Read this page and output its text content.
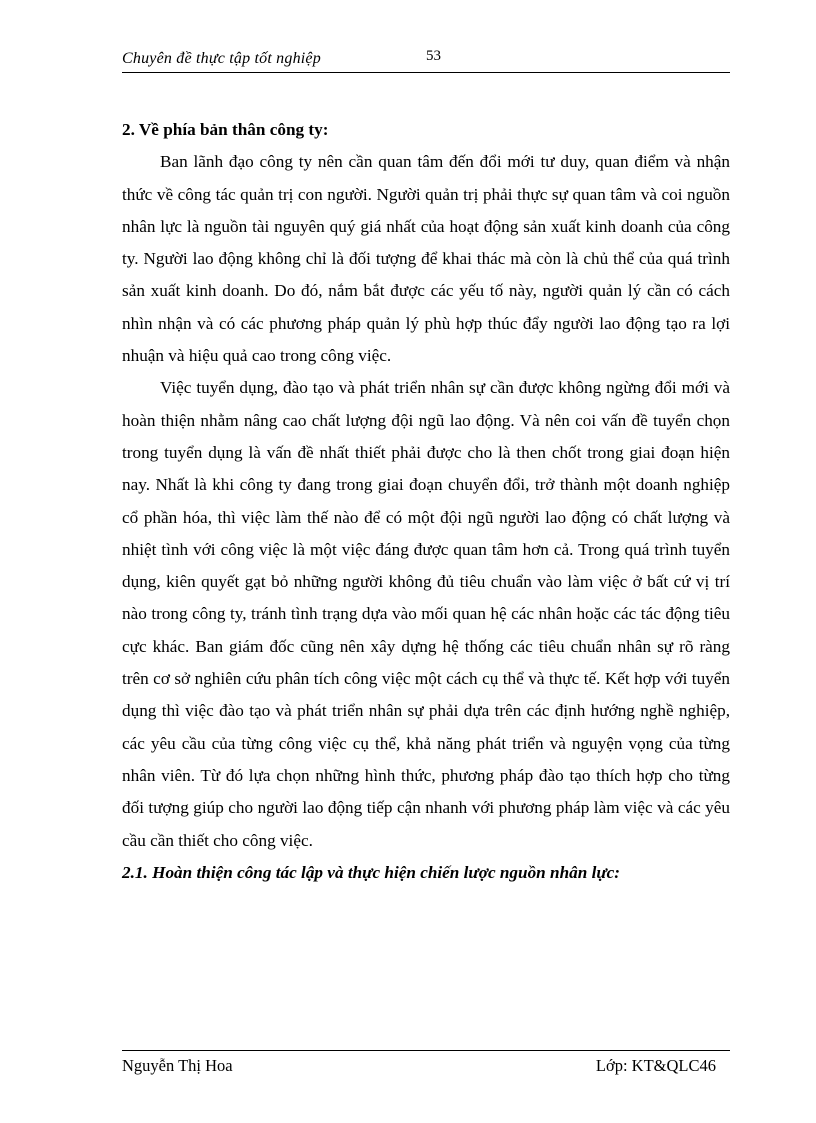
Chuyên đề thực tập tốt nghiệp	53

2. Về phía bản thân công ty:

Ban lãnh đạo công ty nên cần quan tâm đến đổi mới tư duy, quan điểm và nhận thức về công tác quản trị con người. Người quản trị phải thực sự quan tâm và coi nguồn nhân lực là nguồn tài nguyên quý giá nhất của hoạt động sản xuất kinh doanh của công ty. Người lao động không chỉ là đối tượng để khai thác mà còn là chủ thể của quá trình sản xuất kinh doanh. Do đó, nắm bắt được các yếu tố này, người quản lý cần có cách nhìn nhận và có các phương pháp quản lý phù hợp thúc đẩy người lao động tạo ra lợi nhuận và hiệu quả cao trong công việc.

Việc tuyển dụng, đào tạo và phát triển nhân sự cần được không ngừng đổi mới và hoàn thiện nhằm nâng cao chất lượng đội ngũ lao động. Và nên coi vấn đề tuyển chọn trong tuyển dụng là vấn đề nhất thiết phải được cho là then chốt trong giai đoạn hiện nay. Nhất là khi công ty đang trong giai đoạn chuyển đổi, trở thành một doanh nghiệp cổ phần hóa, thì việc làm thế nào để có một đội ngũ người lao động có chất lượng và nhiệt tình với công việc là một việc đáng được quan tâm hơn cả. Trong quá trình tuyển dụng, kiên quyết gạt bỏ những người không đủ tiêu chuẩn vào làm việc ở bất cứ vị trí nào trong công ty, tránh tình trạng dựa vào mối quan hệ các nhân hoặc các tác động tiêu cực khác. Ban giám đốc cũng nên xây dựng hệ thống các tiêu chuẩn nhân sự rõ ràng trên cơ sở nghiên cứu phân tích công việc một cách cụ thể và thực tế. Kết hợp với tuyển dụng thì việc đào tạo và phát triển nhân sự phải dựa trên các định hướng nghề nghiệp, các yêu cầu của từng công việc cụ thể, khả năng phát triển và nguyện vọng của từng nhân viên. Từ đó lựa chọn những hình thức, phương pháp đào tạo thích hợp cho từng đối tượng giúp cho người lao động tiếp cận nhanh với phương pháp làm việc và các yêu cầu cần thiết cho công việc.

2.1. Hoàn thiện công tác lập và thực hiện chiến lược nguồn nhân lực:

Nguyễn Thị Hoa	Lớp: KT&QLC46
